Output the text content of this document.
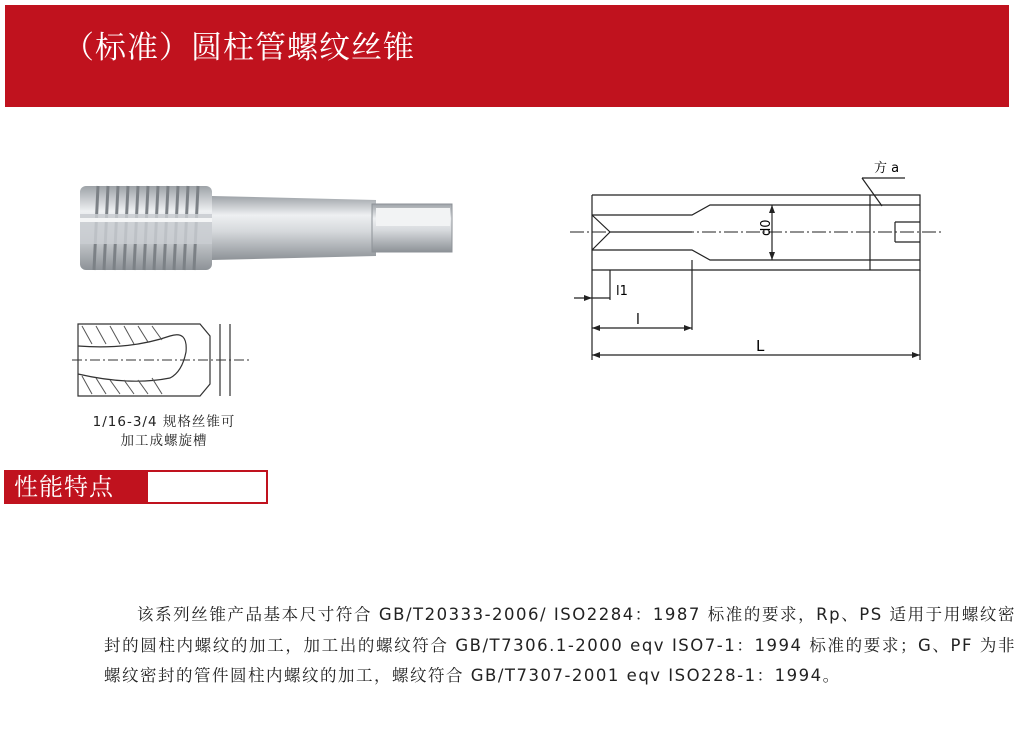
（标准）圆柱管螺纹丝锥
1/16-3/4 规格丝锥可
加工成螺旋槽
方 a
d0
l1
l
L
性能特点
该系列丝锥产品基本尺寸符合 GB/T20333-2006/ ISO2284：1987 标准的要求，Rp、PS 适用于用螺纹密封的圆柱内螺纹的加工，加工出的螺纹符合 GB/T7306.1-2000 eqv ISO7-1：1994 标准的要求；G、PF 为非螺纹密封的管件圆柱内螺纹的加工，螺纹符合 GB/T7307-2001 eqv ISO228-1：1994。
